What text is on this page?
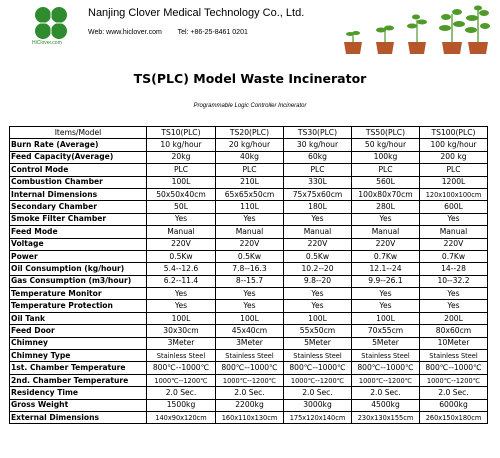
HiClover.com
Nanjing Clover Medical Technology Co., Ltd.
Web: www.hiclover.com Tel: +86-25-8461 0201
TS(PLC) Model Waste Incinerator
Programmable Logic Controller Incinerator
Items/Model	TS10(PLC)	TS20(PLC)	TS30(PLC)	TS50(PLC)	TS100(PLC)
Burn Rate (Average)	10 kg/hour	20 kg/hour	30 kg/hour	50 kg/hour	100 kg/hour
Feed Capacity(Average)	20kg	40kg	60kg	100kg	200 kg
Control Mode	PLC	PLC	PLC	PLC	PLC
Combustion Chamber	100L	210L	330L	560L	1200L
Internal Dimensions	50x50x40cm	65x65x50cm	75x75x60cm	100x80x70cm	120x100x100cm
Secondary Chamber	50L	110L	180L	280L	600L
Smoke Filter Chamber	Yes	Yes	Yes	Yes	Yes
Feed Mode	Manual	Manual	Manual	Manual	Manual
Voltage	220V	220V	220V	220V	220V
Power	0.5Kw	0.5Kw	0.5Kw	0.7Kw	0.7Kw
Oil Consumption (kg/hour)	5.4--12.6	7.8--16.3	10.2--20	12.1--24	14--28
Gas Consumption (m3/hour)	6.2--11.4	8--15.7	9.8--20	9.9--26.1	10--32.2
Temperature Monitor	Yes	Yes	Yes	Yes	Yes
Temperature Protection	Yes	Yes	Yes	Yes	Yes
Oil Tank	100L	100L	100L	100L	200L
Feed Door	30x30cm	45x40cm	55x50cm	70x55cm	80x60cm
Chimney	3Meter	3Meter	5Meter	5Meter	10Meter
Chimney Type	Stainless Steel	Stainless Steel	Stainless Steel	Stainless Steel	Stainless Steel
1st. Chamber Temperature	800℃--1000℃	800℃--1000℃	800℃--1000℃	800℃--1000℃	800℃--1000℃
2nd. Chamber Temperature	1000℃--1200℃	1000℃--1200℃	1000℃--1200℃	1000℃--1200℃	1000℃--1200℃
Residency Time	2.0 Sec.	2.0 Sec.	2.0 Sec.	2.0 Sec.	2.0 Sec.
Gross Weight	1500kg	2200kg	3000kg	4500kg	6000kg
External Dimensions	140x90x120cm	160x110x130cm	175x120x140cm	230x130x155cm	260x150x180cm
